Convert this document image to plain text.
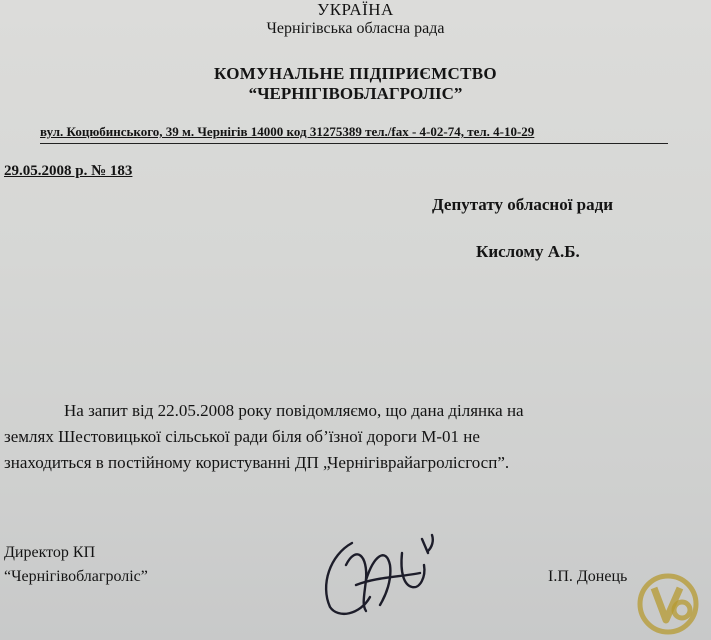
УКРАЇНА
Чернігівська обласна рада
КОМУНАЛЬНЕ ПІДПРИЄМСТВО
“ЧЕРНІГІВОБЛАГРОЛІС”
вул. Коцюбинського, 39 м. Чернігів 14000 код 31275389 тел./fax - 4-02-74, тел. 4-10-29
29.05.2008 р. № 183
Депутату обласної ради
Кислому А.Б.

На запит від 22.05.2008 року повідомляємо, що дана ділянка на

землях Шестовицької сільської ради біля об’їзної дороги М-01 не

знаходиться в постійному користуванні ДП „Чернігіврайагролісгосп”.

Директор КП
“Чернігівоблагроліс”	І.П. Донець
